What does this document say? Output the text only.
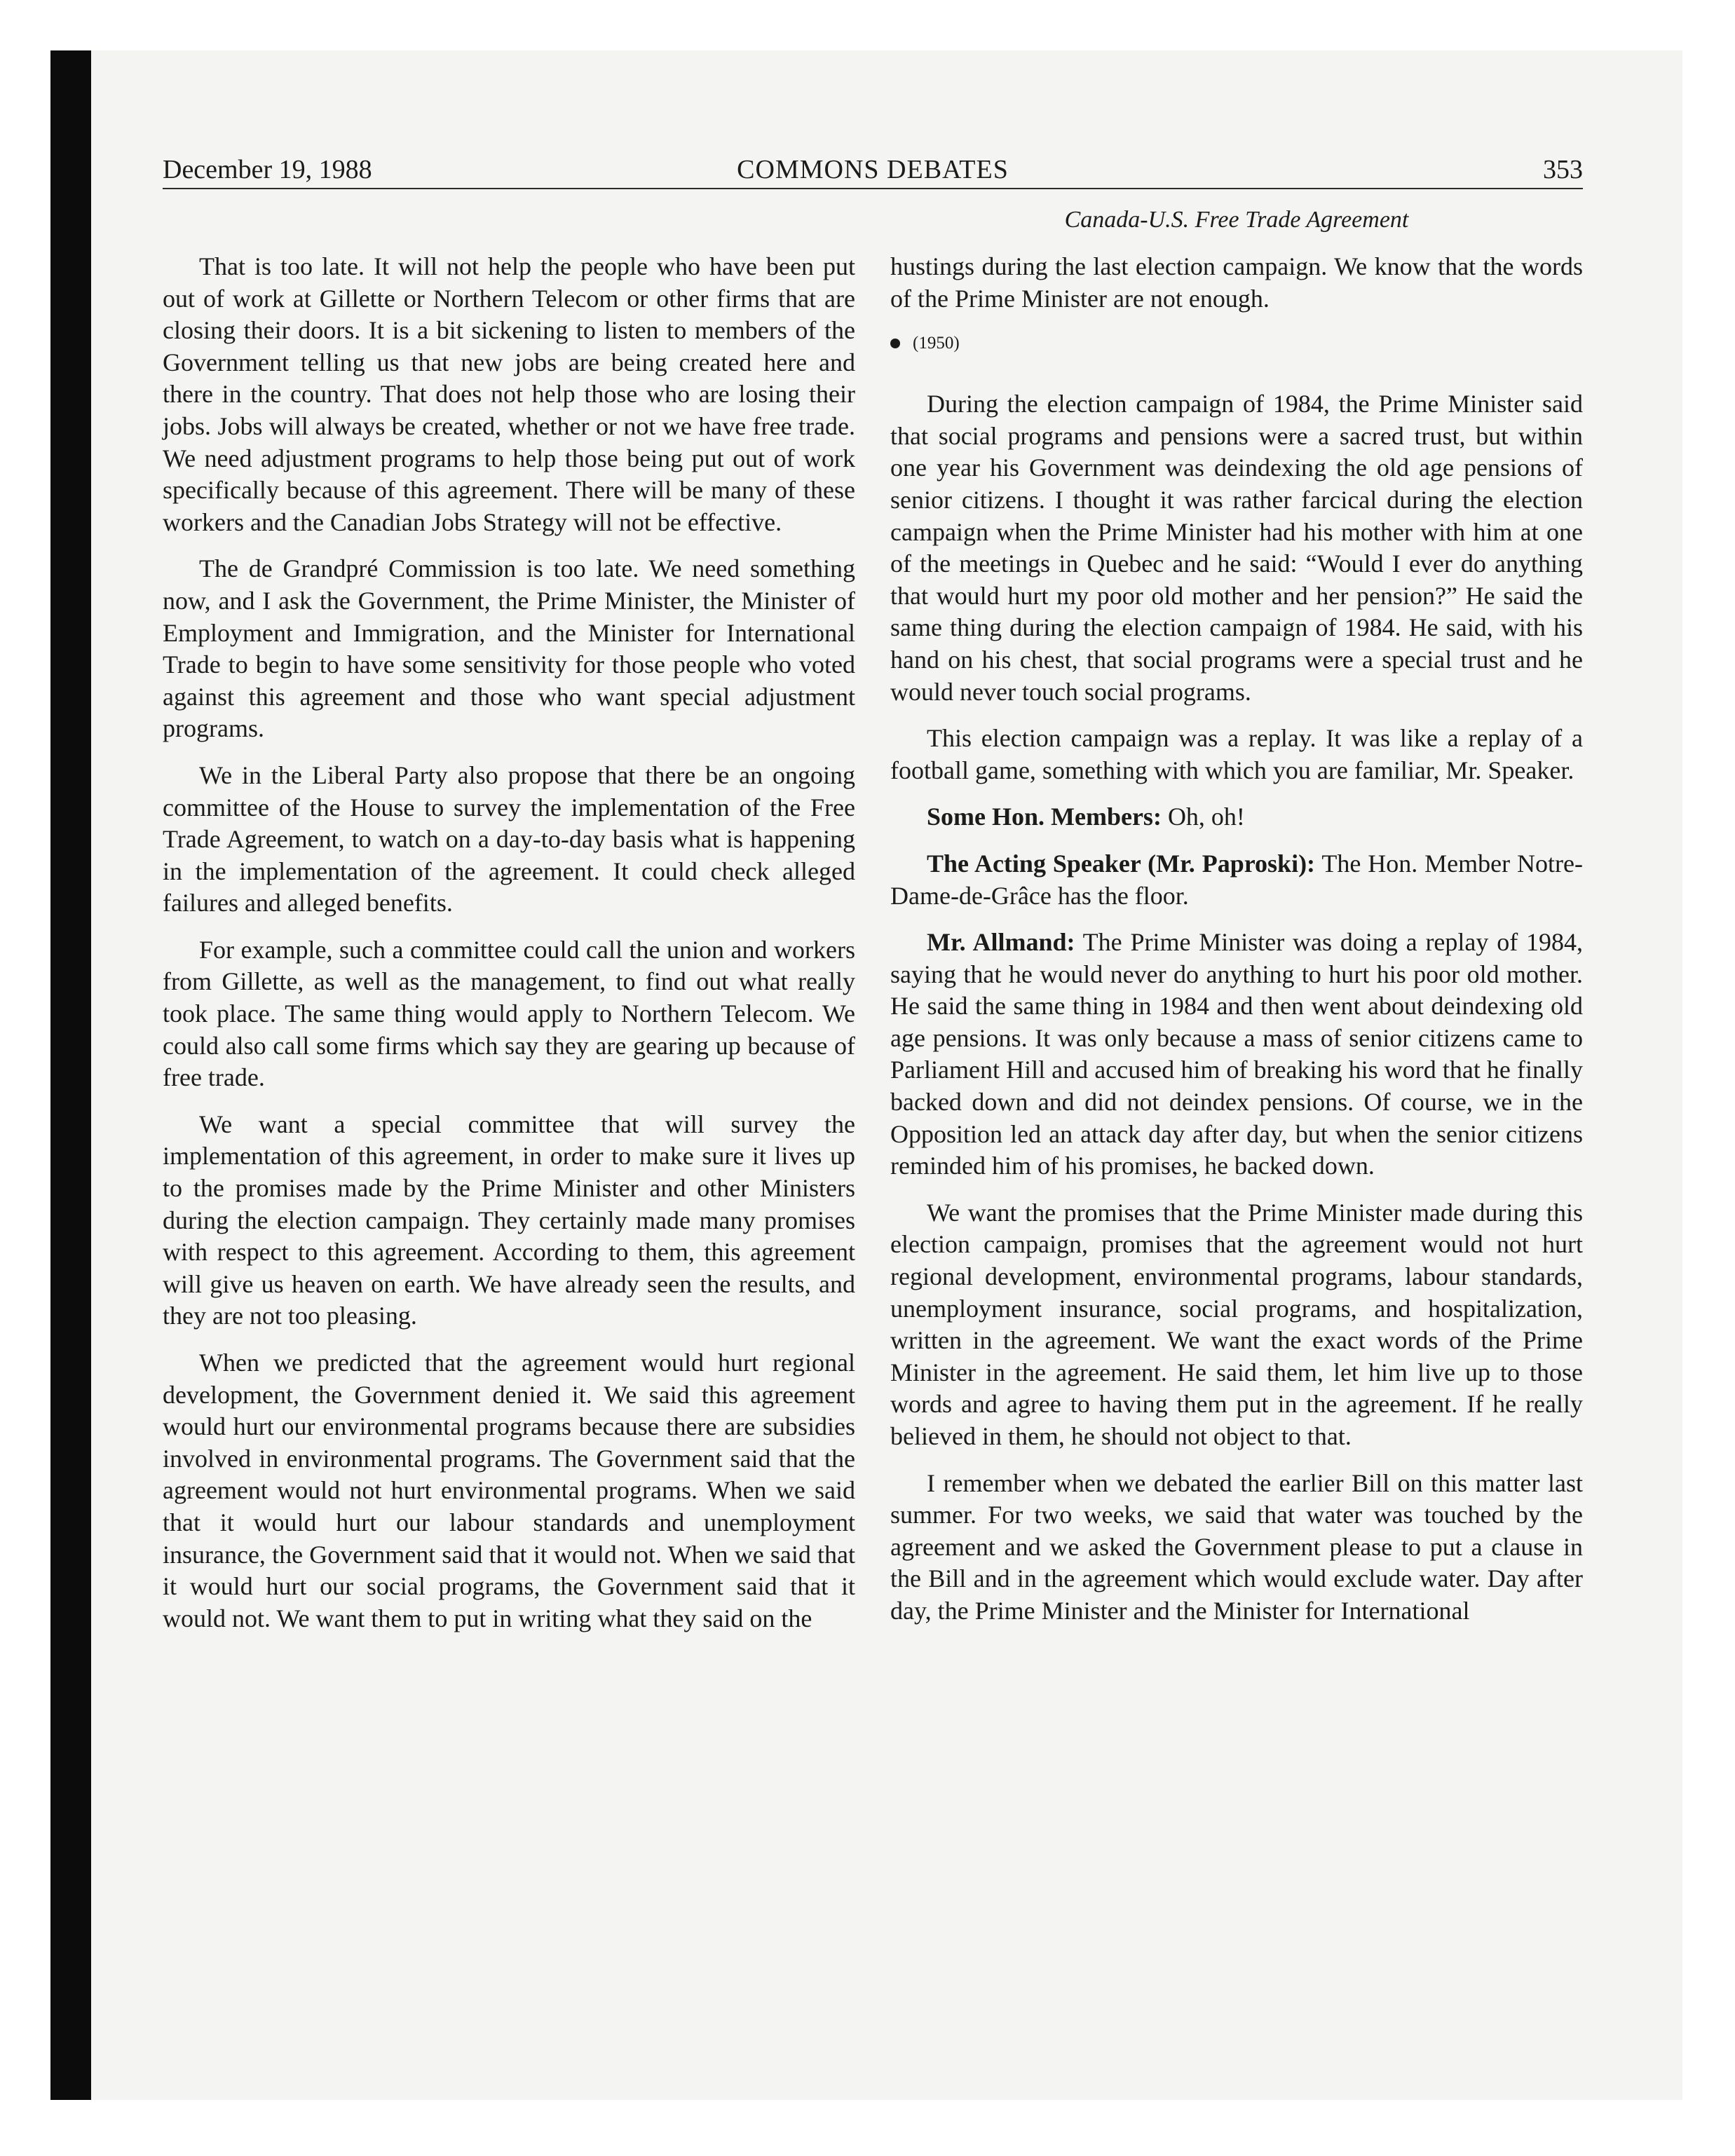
December 19, 1988	COMMONS DEBATES	353
Canada-U.S. Free Trade Agreement

That is too late. It will not help the people who have been put out of work at Gillette or Northern Telecom or other firms that are closing their doors. It is a bit sickening to listen to members of the Government telling us that new jobs are being created here and there in the country. That does not help those who are losing their jobs. Jobs will always be created, whether or not we have free trade. We need adjustment programs to help those being put out of work specifically because of this agreement. There will be many of these workers and the Canadian Jobs Strategy will not be effective.

The de Grandpré Commission is too late. We need something now, and I ask the Government, the Prime Minister, the Minister of Employment and Immigration, and the Minister for International Trade to begin to have some sensitivity for those people who voted against this agreement and those who want special adjustment programs.

We in the Liberal Party also propose that there be an ongoing committee of the House to survey the implementation of the Free Trade Agreement, to watch on a day-to-day basis what is happening in the implementation of the agreement. It could check alleged failures and alleged benefits.

For example, such a committee could call the union and workers from Gillette, as well as the management, to find out what really took place. The same thing would apply to Northern Telecom. We could also call some firms which say they are gearing up because of free trade.

We want a special committee that will survey the implementation of this agreement, in order to make sure it lives up to the promises made by the Prime Minister and other Ministers during the election campaign. They certainly made many promises with respect to this agreement. According to them, this agreement will give us heaven on earth. We have already seen the results, and they are not too pleasing.

When we predicted that the agreement would hurt regional development, the Government denied it. We said this agreement would hurt our environmental programs because there are subsidies involved in environmental programs. The Government said that the agreement would not hurt environmental programs. When we said that it would hurt our labour standards and unemployment insurance, the Government said that it would not. When we said that it would hurt our social programs, the Government said that it would not. We want them to put in writing what they said on the

hustings during the last election campaign. We know that the words of the Prime Minister are not enough.

(1950)

During the election campaign of 1984, the Prime Minister said that social programs and pensions were a sacred trust, but within one year his Government was deindexing the old age pensions of senior citizens. I thought it was rather farcical during the election campaign when the Prime Minister had his mother with him at one of the meetings in Quebec and he said: “Would I ever do anything that would hurt my poor old mother and her pension?” He said the same thing during the election campaign of 1984. He said, with his hand on his chest, that social programs were a special trust and he would never touch social programs.

This election campaign was a replay. It was like a replay of a football game, something with which you are familiar, Mr. Speaker.

Some Hon. Members: Oh, oh!

The Acting Speaker (Mr. Paproski): The Hon. Member Notre-Dame-de-Grâce has the floor.

Mr. Allmand: The Prime Minister was doing a replay of 1984, saying that he would never do anything to hurt his poor old mother. He said the same thing in 1984 and then went about deindexing old age pensions. It was only because a mass of senior citizens came to Parliament Hill and accused him of breaking his word that he finally backed down and did not deindex pensions. Of course, we in the Opposition led an attack day after day, but when the senior citizens reminded him of his promises, he backed down.

We want the promises that the Prime Minister made during this election campaign, promises that the agreement would not hurt regional development, environmental programs, labour standards, unemployment insurance, social programs, and hospitalization, written in the agreement. We want the exact words of the Prime Minister in the agreement. He said them, let him live up to those words and agree to having them put in the agreement. If he really believed in them, he should not object to that.

I remember when we debated the earlier Bill on this matter last summer. For two weeks, we said that water was touched by the agreement and we asked the Government please to put a clause in the Bill and in the agreement which would exclude water. Day after day, the Prime Minister and the Minister for International
